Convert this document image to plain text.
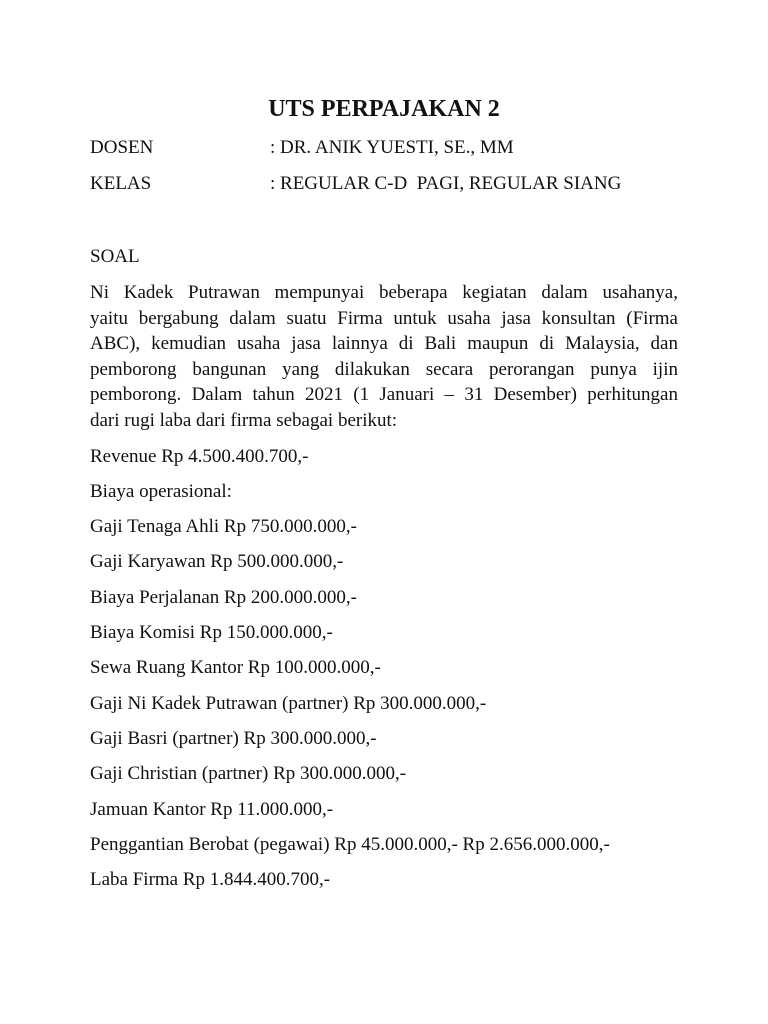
UTS PERPAJAKAN 2
DOSEN	: DR. ANIK YUESTI, SE., MM
KELAS	: REGULAR C-D  PAGI, REGULAR SIANG
SOAL
Ni Kadek Putrawan mempunyai beberapa kegiatan dalam usahanya,
yaitu bergabung dalam suatu Firma untuk usaha jasa konsultan (Firma
ABC), kemudian usaha jasa lainnya di Bali maupun di Malaysia, dan
pemborong bangunan yang dilakukan secara perorangan punya ijin
pemborong. Dalam tahun 2021 (1 Januari – 31 Desember) perhitungan
dari rugi laba dari firma sebagai berikut:
Revenue Rp 4.500.400.700,-
Biaya operasional:
Gaji Tenaga Ahli Rp 750.000.000,-
Gaji Karyawan Rp 500.000.000,-
Biaya Perjalanan Rp 200.000.000,-
Biaya Komisi Rp 150.000.000,-
Sewa Ruang Kantor Rp 100.000.000,-
Gaji Ni Kadek Putrawan (partner) Rp 300.000.000,-
Gaji Basri (partner) Rp 300.000.000,-
Gaji Christian (partner) Rp 300.000.000,-
Jamuan Kantor Rp 11.000.000,-
Penggantian Berobat (pegawai) Rp 45.000.000,- Rp 2.656.000.000,-
Laba Firma Rp 1.844.400.700,-
